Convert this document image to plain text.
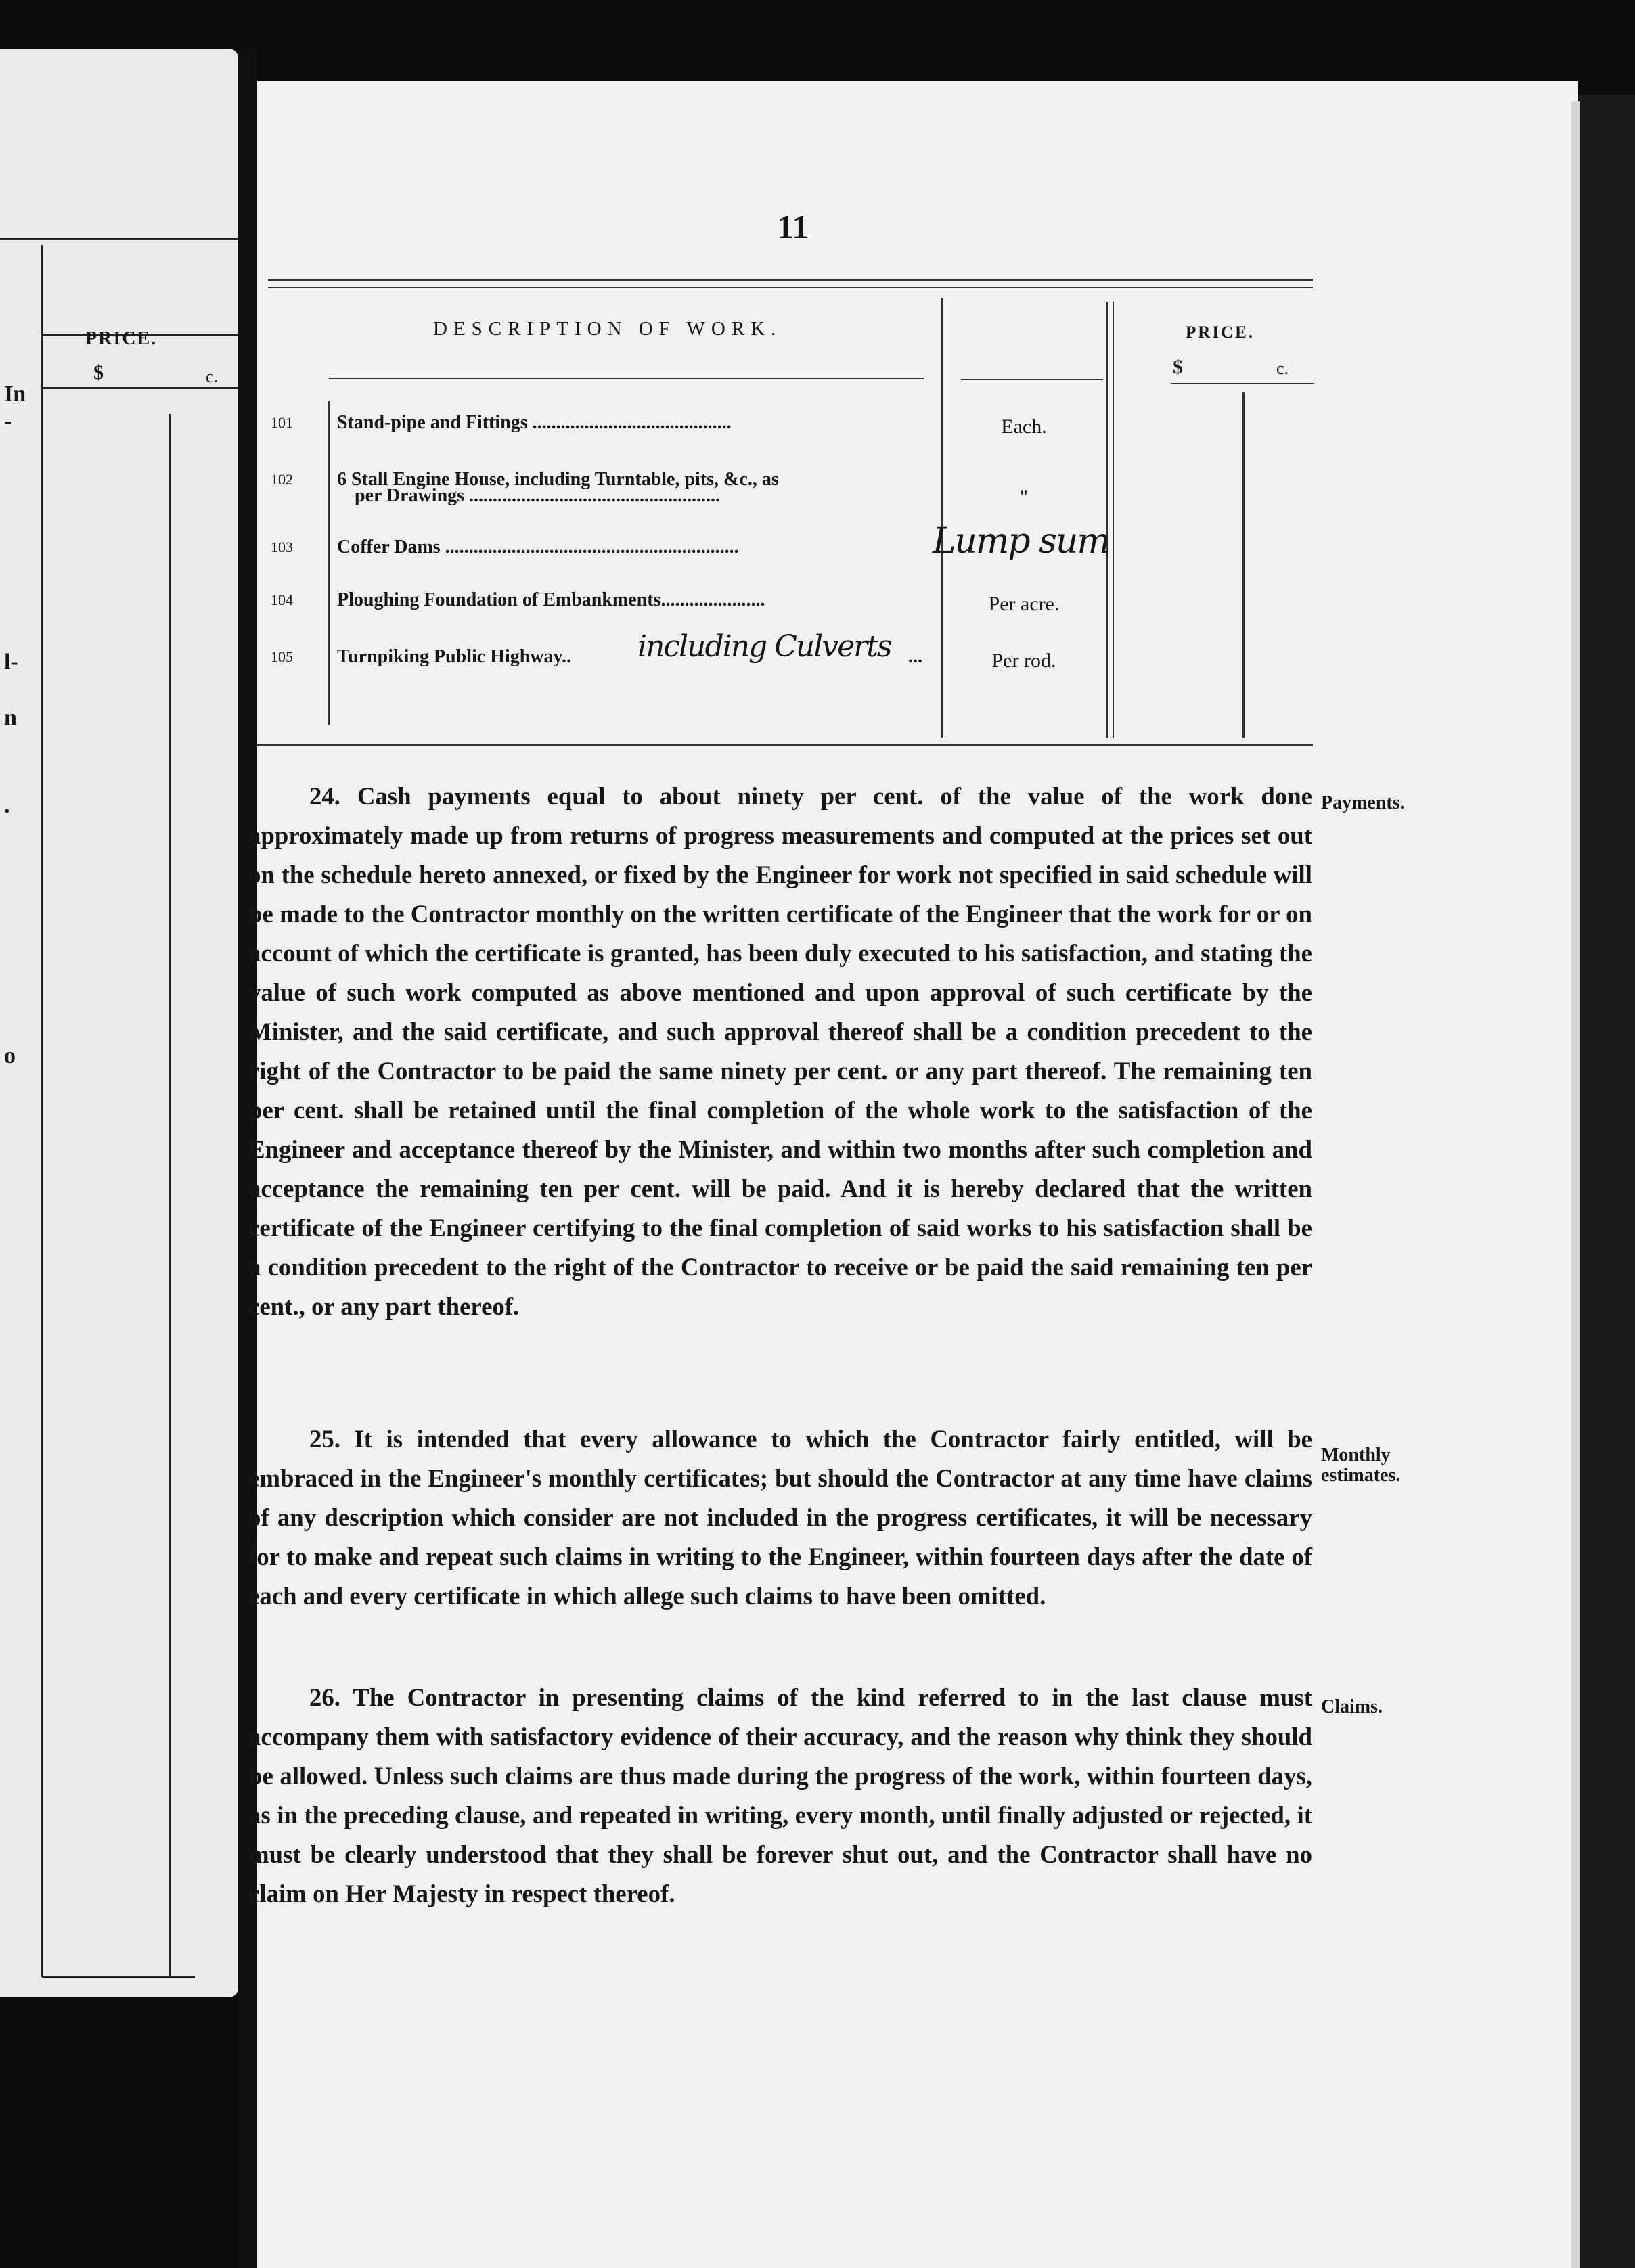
PRICE.
$	c.
In
-
l-
n
.
o
11
DESCRIPTION OF WORK.	PRICE.
$	c.
101 Stand-pipe and Fittings ..........................................	Each.
102 6 Stall Engine House, including Turntable, pits, &c., as
per Drawings .....................................................	"
103 Coffer Dams ..............................................................	Lump sum
104 Ploughing Foundation of Embankments......................	Per acre.
105 Turnpiking Public Highway..	including Culverts ...	Per rod.

24. Cash payments equal to about ninety per cent. of the value of the work done approximately made up from returns of progress measurements and computed at the prices set out on the schedule hereto annexed, or fixed by the Engineer for work not specified in said schedule will be made to the Contractor monthly on the written certificate of the Engineer that the work for or on account of which the certificate is granted, has been duly executed to his satisfaction, and stating the value of such work computed as above mentioned and upon approval of such certificate by the Minister, and the said certificate, and such approval thereof shall be a condition precedent to the right of the Contractor to be paid the same ninety per cent. or any part thereof. The remaining ten per cent. shall be retained until the final completion of the whole work to the satisfaction of the Engineer and acceptance thereof by the Minister, and within two months after such completion and acceptance the remaining ten per cent. will be paid. And it is hereby declared that the written certificate of the Engineer certifying to the final completion of said works to his satisfaction shall be a condition precedent to the right of the Contractor to receive or be paid the said remaining ten per cent., or any part thereof.

Payments.

25. It is intended that every allowance to which the Contractor fairly entitled, will be embraced in the Engineer's monthly certificates; but should the Contractor at any time have claims of any description which consider are not included in the progress certificates, it will be necessary for to make and repeat such claims in writing to the Engineer, within fourteen days after the date of each and every certificate in which allege such claims to have been omitted.

Monthly estimates.

26. The Contractor in presenting claims of the kind referred to in the last clause must accompany them with satisfactory evidence of their accuracy, and the reason why think they should be allowed. Unless such claims are thus made during the progress of the work, within fourteen days, as in the preceding clause, and repeated in writing, every month, until finally adjusted or rejected, it must be clearly understood that they shall be forever shut out, and the Contractor shall have no claim on Her Majesty in respect thereof.

Claims.
